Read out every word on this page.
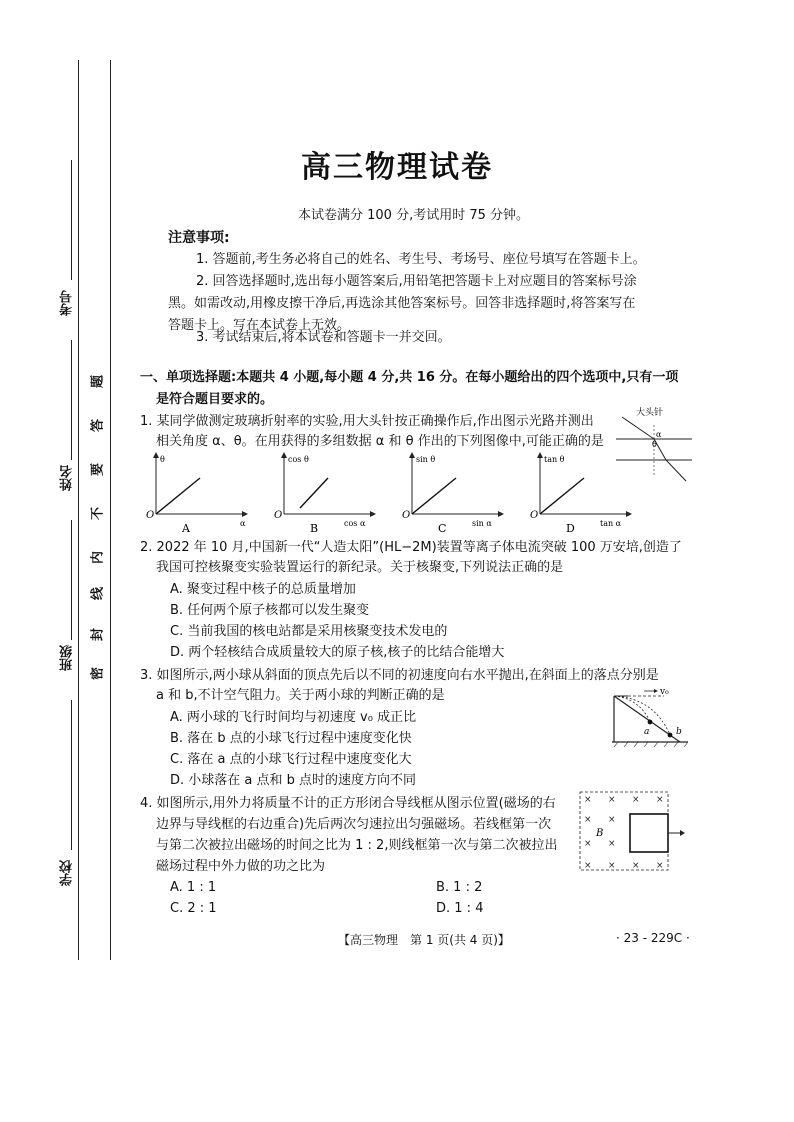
考号
姓名
班级
学校
题
答
要
不
内
线
封
密
高三物理试卷
本试卷满分 100 分,考试用时 75 分钟。
注意事项:
1. 答题前,考生务必将自己的姓名、考生号、考场号、座位号填写在答题卡上。
2. 回答选择题时,选出每小题答案后,用铅笔把答题卡上对应题目的答案标号涂
黑。如需改动,用橡皮擦干净后,再选涂其他答案标号。回答非选择题时,将答案写在
答题卡上。写在本试卷上无效。
3. 考试结束后,将本试卷和答题卡一并交回。
一、单项选择题:本题共 4 小题,每小题 4 分,共 16 分。在每小题给出的四个选项中,只有一项
是符合题目要求的。
1. 某同学做测定玻璃折射率的实验,用大头针按正确操作后,作出图示光路并测出
相关角度 α、θ。在用获得的多组数据 α 和 θ 作出的下列图像中,可能正确的是
大头针
θ
α
θ
α
O
A
cos θ
cos α
O
B
sin θ
sin α
O
C
tan θ
tan α
O
D
2. 2022 年 10 月,中国新一代“人造太阳”(HL−2M)装置等离子体电流突破 100 万安培,创造了
我国可控核聚变实验装置运行的新纪录。关于核聚变,下列说法正确的是
A. 聚变过程中核子的总质量增加
B. 任何两个原子核都可以发生聚变
C. 当前我国的核电站都是采用核聚变技术发电的
D. 两个轻核结合成质量较大的原子核,核子的比结合能增大
3. 如图所示,两小球从斜面的顶点先后以不同的初速度向右水平抛出,在斜面上的落点分别是
a 和 b,不计空气阻力。关于两小球的判断正确的是
A. 两小球的飞行时间均与初速度 v₀ 成正比
B. 落在 b 点的小球飞行过程中速度变化快
C. 落在 a 点的小球飞行过程中速度变化大
D. 小球落在 a 点和 b 点时的速度方向不同
v₀
a	b
4. 如图所示,用外力将质量不计的正方形闭合导线框从图示位置(磁场的右
边界与导线框的右边重合)先后两次匀速拉出匀强磁场。若线框第一次
与第二次被拉出磁场的时间之比为 1 : 2,则线框第一次与第二次被拉出
磁场过程中外力做的功之比为
A. 1 : 1	B. 1 : 2
C. 2 : 1	D. 1 : 4
× × × ×
× ×
× ×
× × × ×
B
【高三物理　第 1 页(共 4 页)】	· 23 - 229C ·
